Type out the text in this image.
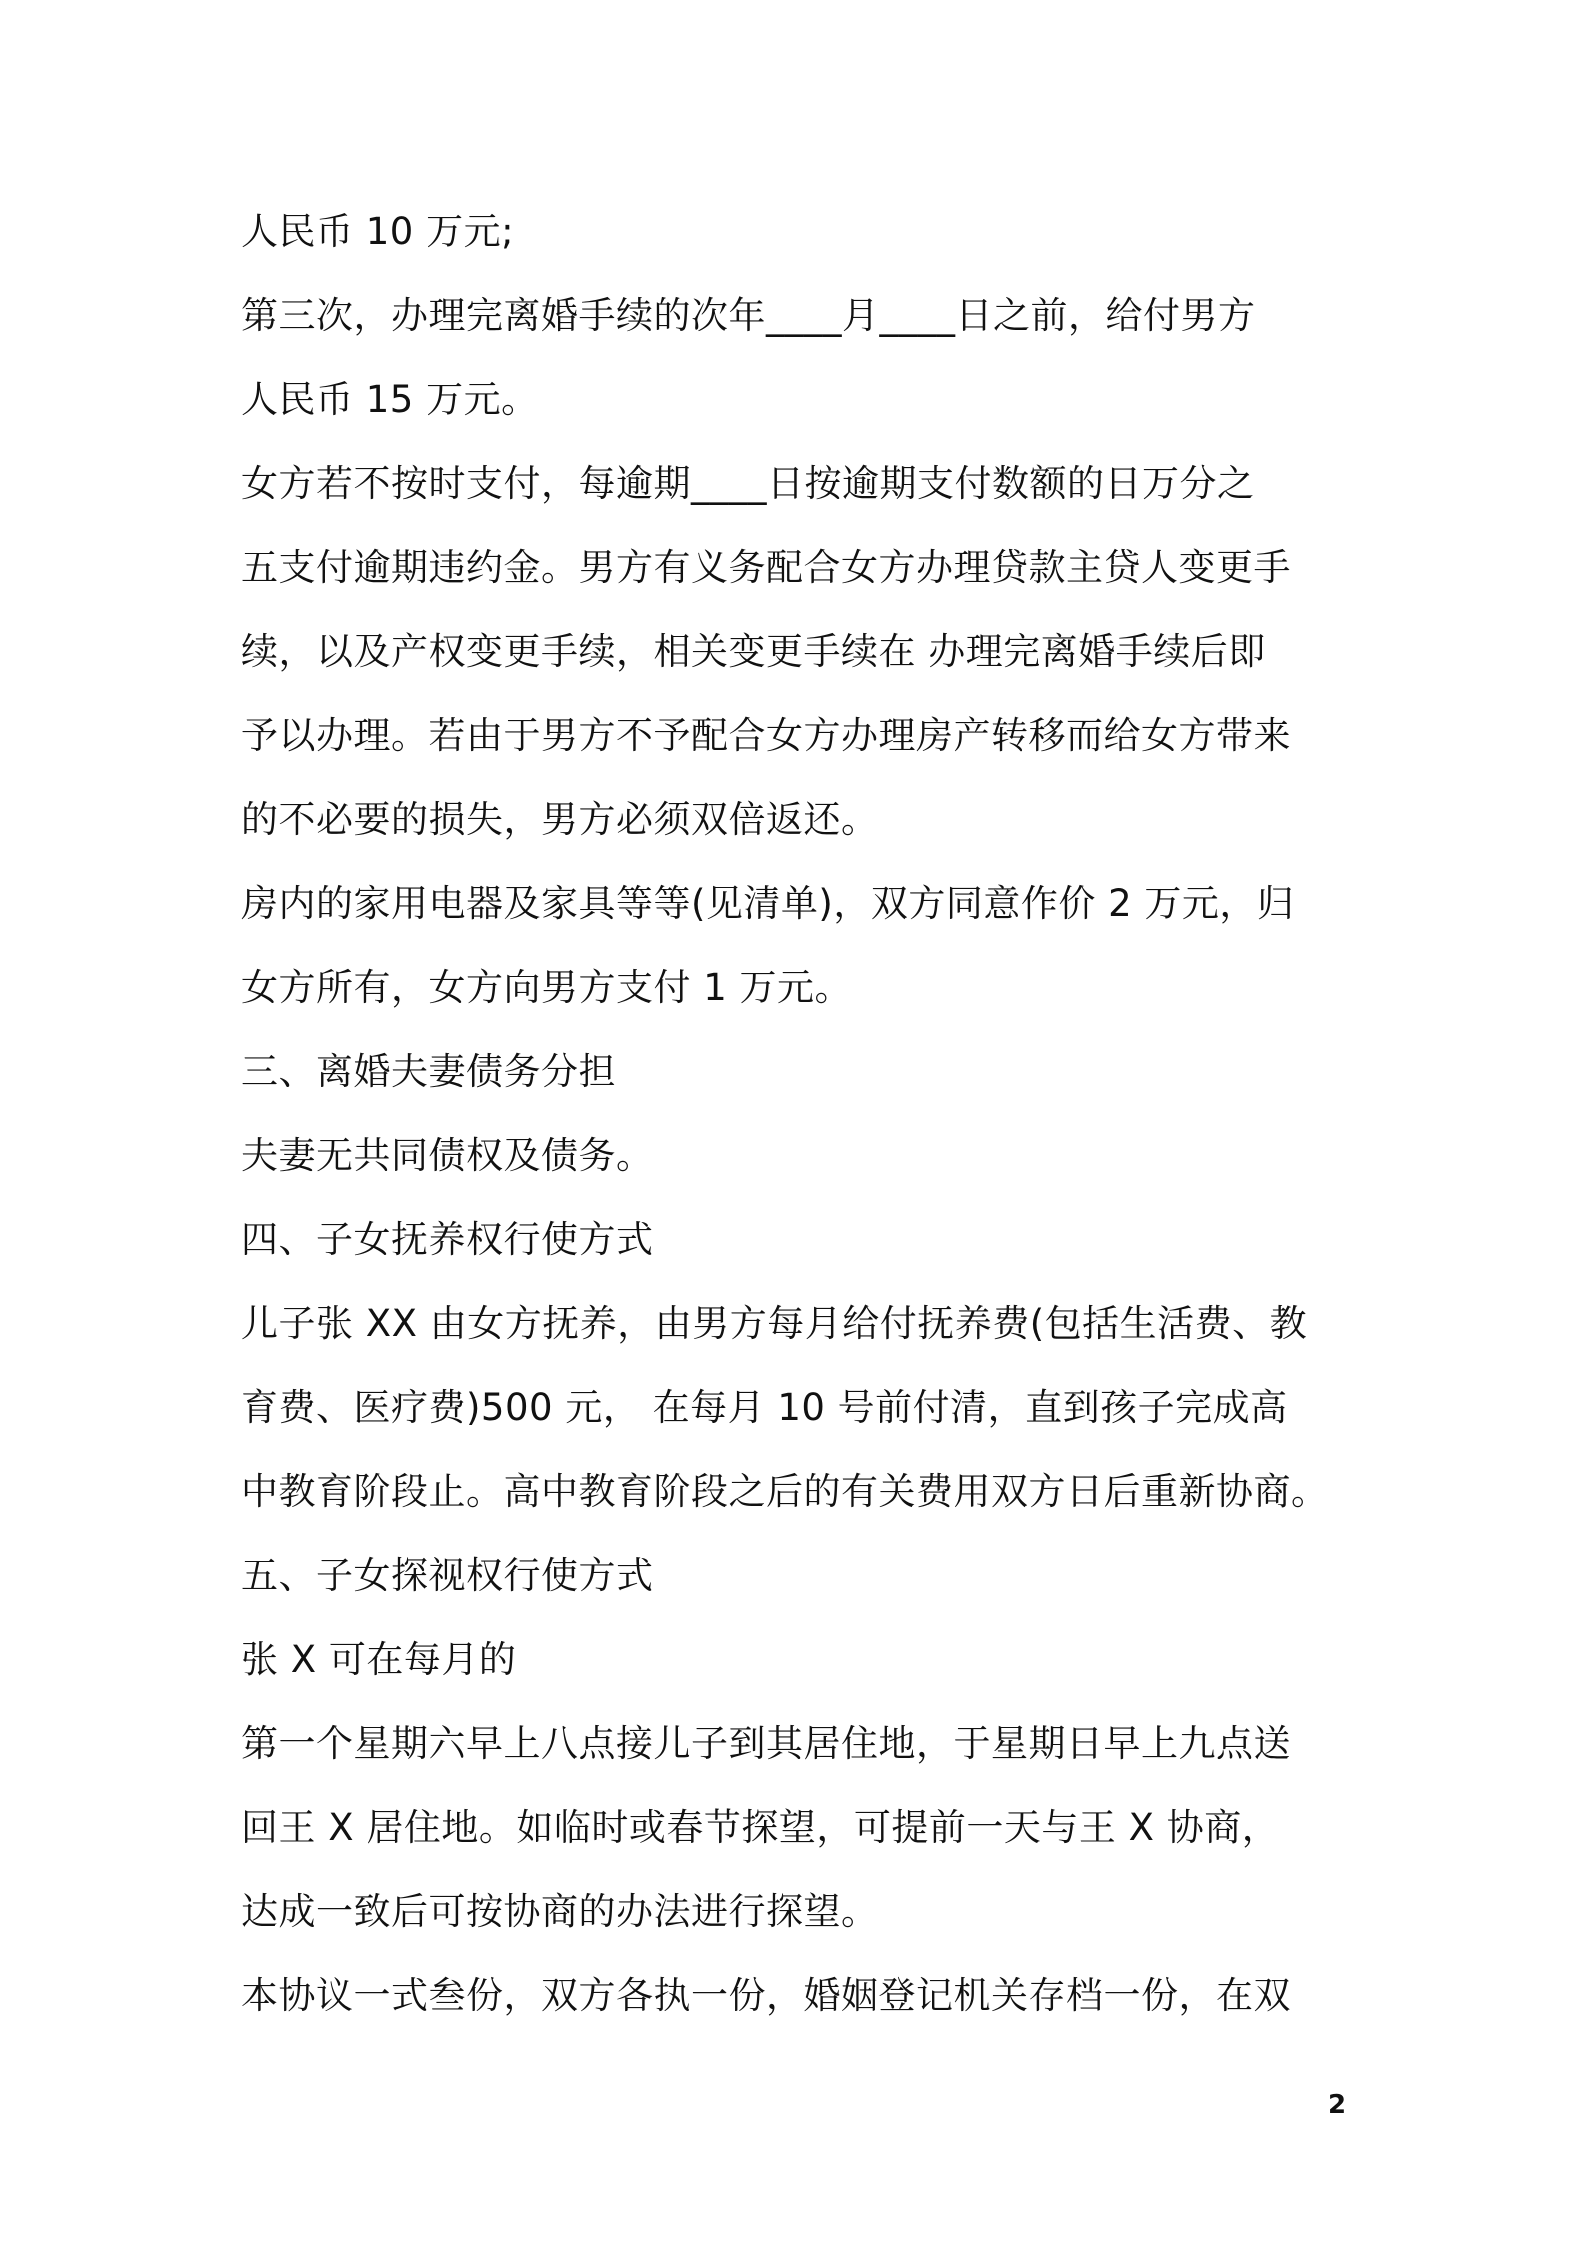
人民币 10 万元;
第三次，办理完离婚手续的次年____月____日之前，给付男方
人民币 15 万元。
女方若不按时支付，每逾期____日按逾期支付数额的日万分之
五支付逾期违约金。男方有义务配合女方办理贷款主贷人变更手
续，以及产权变更手续，相关变更手续在 办理完离婚手续后即
予以办理。若由于男方不予配合女方办理房产转移而给女方带来
的不必要的损失，男方必须双倍返还。
房内的家用电器及家具等等(见清单)，双方同意作价 2 万元，归
女方所有，女方向男方支付 1 万元。
三、离婚夫妻债务分担
夫妻无共同债权及债务。
四、子女抚养权行使方式
儿子张 XX 由女方抚养，由男方每月给付抚养费(包括生活费、教
育费、医疗费)500 元， 在每月 10 号前付清，直到孩子完成高
中教育阶段止。高中教育阶段之后的有关费用双方日后重新协商。
五、子女探视权行使方式
张 X 可在每月的
第一个星期六早上八点接儿子到其居住地，于星期日早上九点送
回王 X 居住地。如临时或春节探望，可提前一天与王 X 协商，
达成一致后可按协商的办法进行探望。
本协议一式叁份，双方各执一份，婚姻登记机关存档一份，在双
2
